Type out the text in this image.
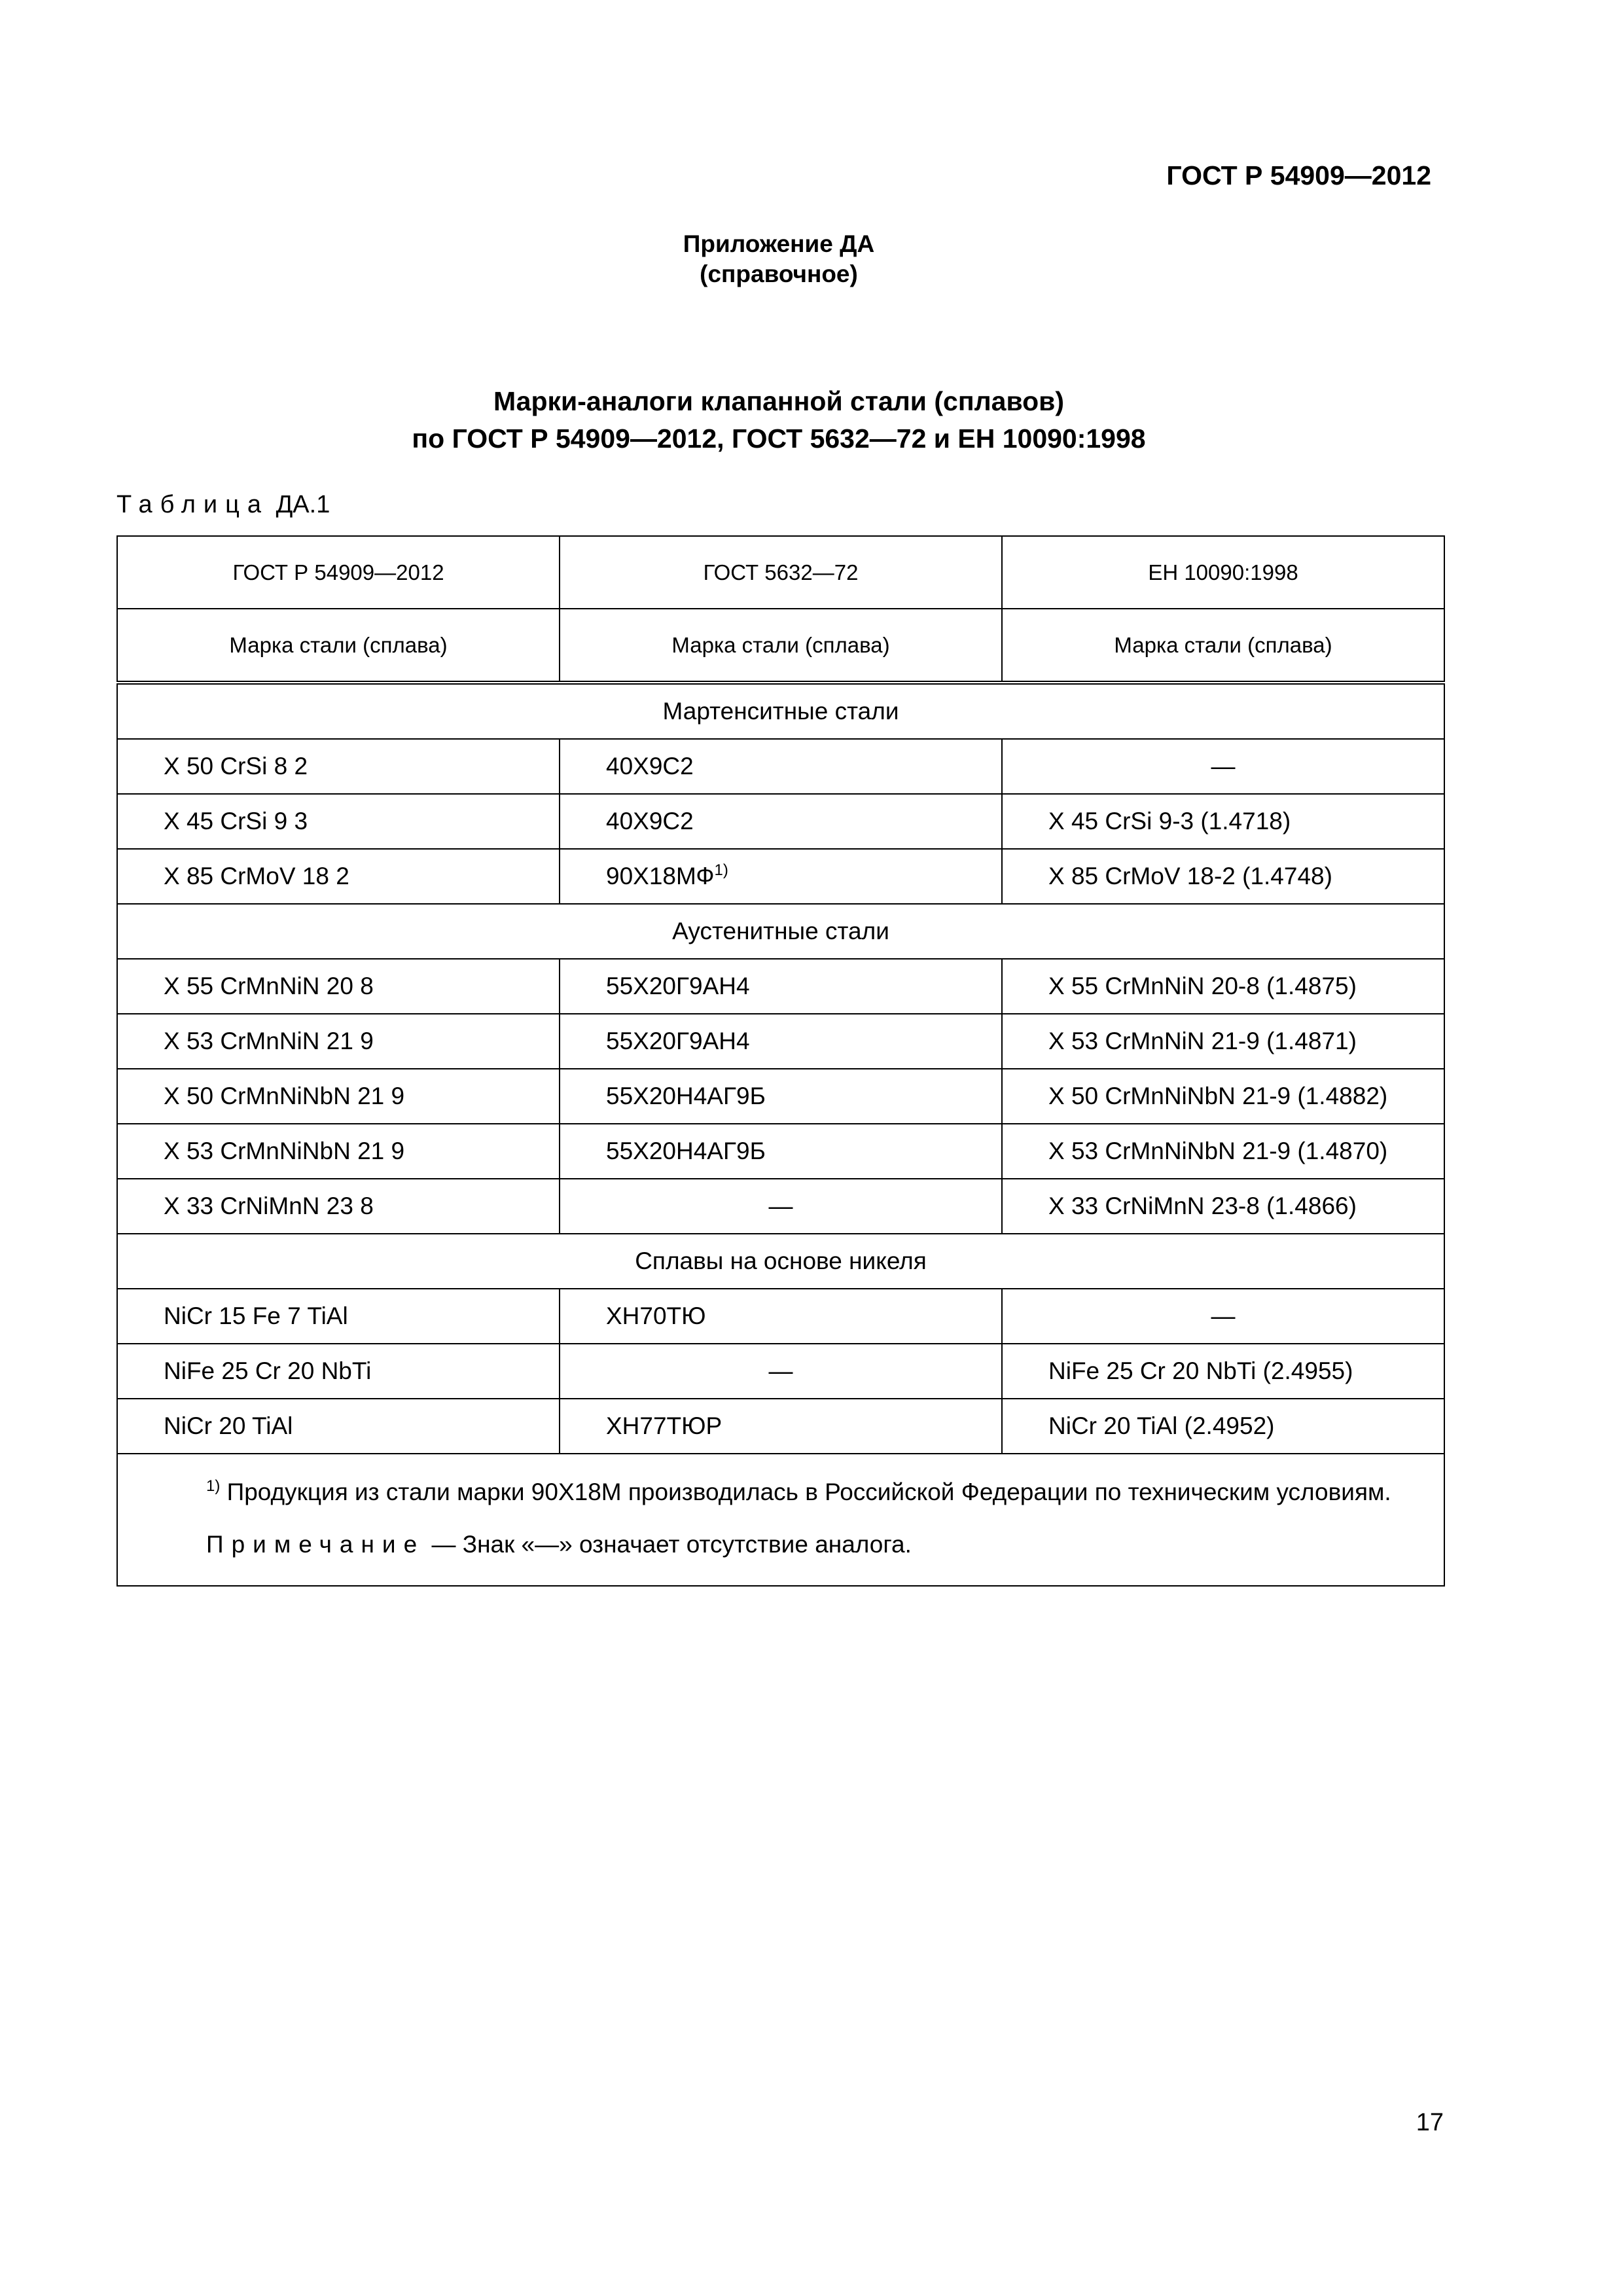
ГОСТ Р 54909—2012
Приложение ДА
(справочное)
Марки-аналоги клапанной стали (сплавов)
по ГОСТ Р 54909—2012, ГОСТ 5632—72 и ЕН 10090:1998
Таблица ДА.1
ГОСТ Р 54909—2012	ГОСТ 5632—72	ЕН 10090:1998
Марка стали (сплава)	Марка стали (сплава)	Марка стали (сплава)
Мартенситные стали		
X 50 CrSi 8 2	40Х9С2	—
X 45 CrSi 9 3	40Х9С2	X 45 CrSi 9-3 (1.4718)
X 85 CrMoV 18 2	90Х18МФ$^{1)}$	X 85 CrMoV 18-2 (1.4748)
Аустенитные стали		
X 55 CrMnNiN 20 8	55Х20Г9АН4	X 55 CrMnNiN 20-8 (1.4875)
X 53 CrMnNiN 21 9	55Х20Г9АН4	X 53 CrMnNiN 21-9 (1.4871)
X 50 CrMnNiNbN 21 9	55Х20Н4АГ9Б	X 50 CrMnNiNbN 21-9 (1.4882)
X 53 CrMnNiNbN 21 9	55Х20Н4АГ9Б	X 53 CrMnNiNbN 21-9 (1.4870)
X 33 CrNiMnN 23 8	—	X 33 CrNiMnN 23-8 (1.4866)
Сплавы на основе никеля		
NiCr 15 Fe 7 TiAl	ХН70ТЮ	—
NiFe 25 Cr 20 NbTi	—	NiFe 25 Cr 20 NbTi (2.4955)
NiCr 20 TiAl	ХН77ТЮР	NiCr 20 TiAl (2.4952)

$^{1)}$ Продукция из стали марки 90Х18М производилась в Российской Федерации по техническим условиям.
Примечание — Знак «—» означает отсутствие аналога.		
17
